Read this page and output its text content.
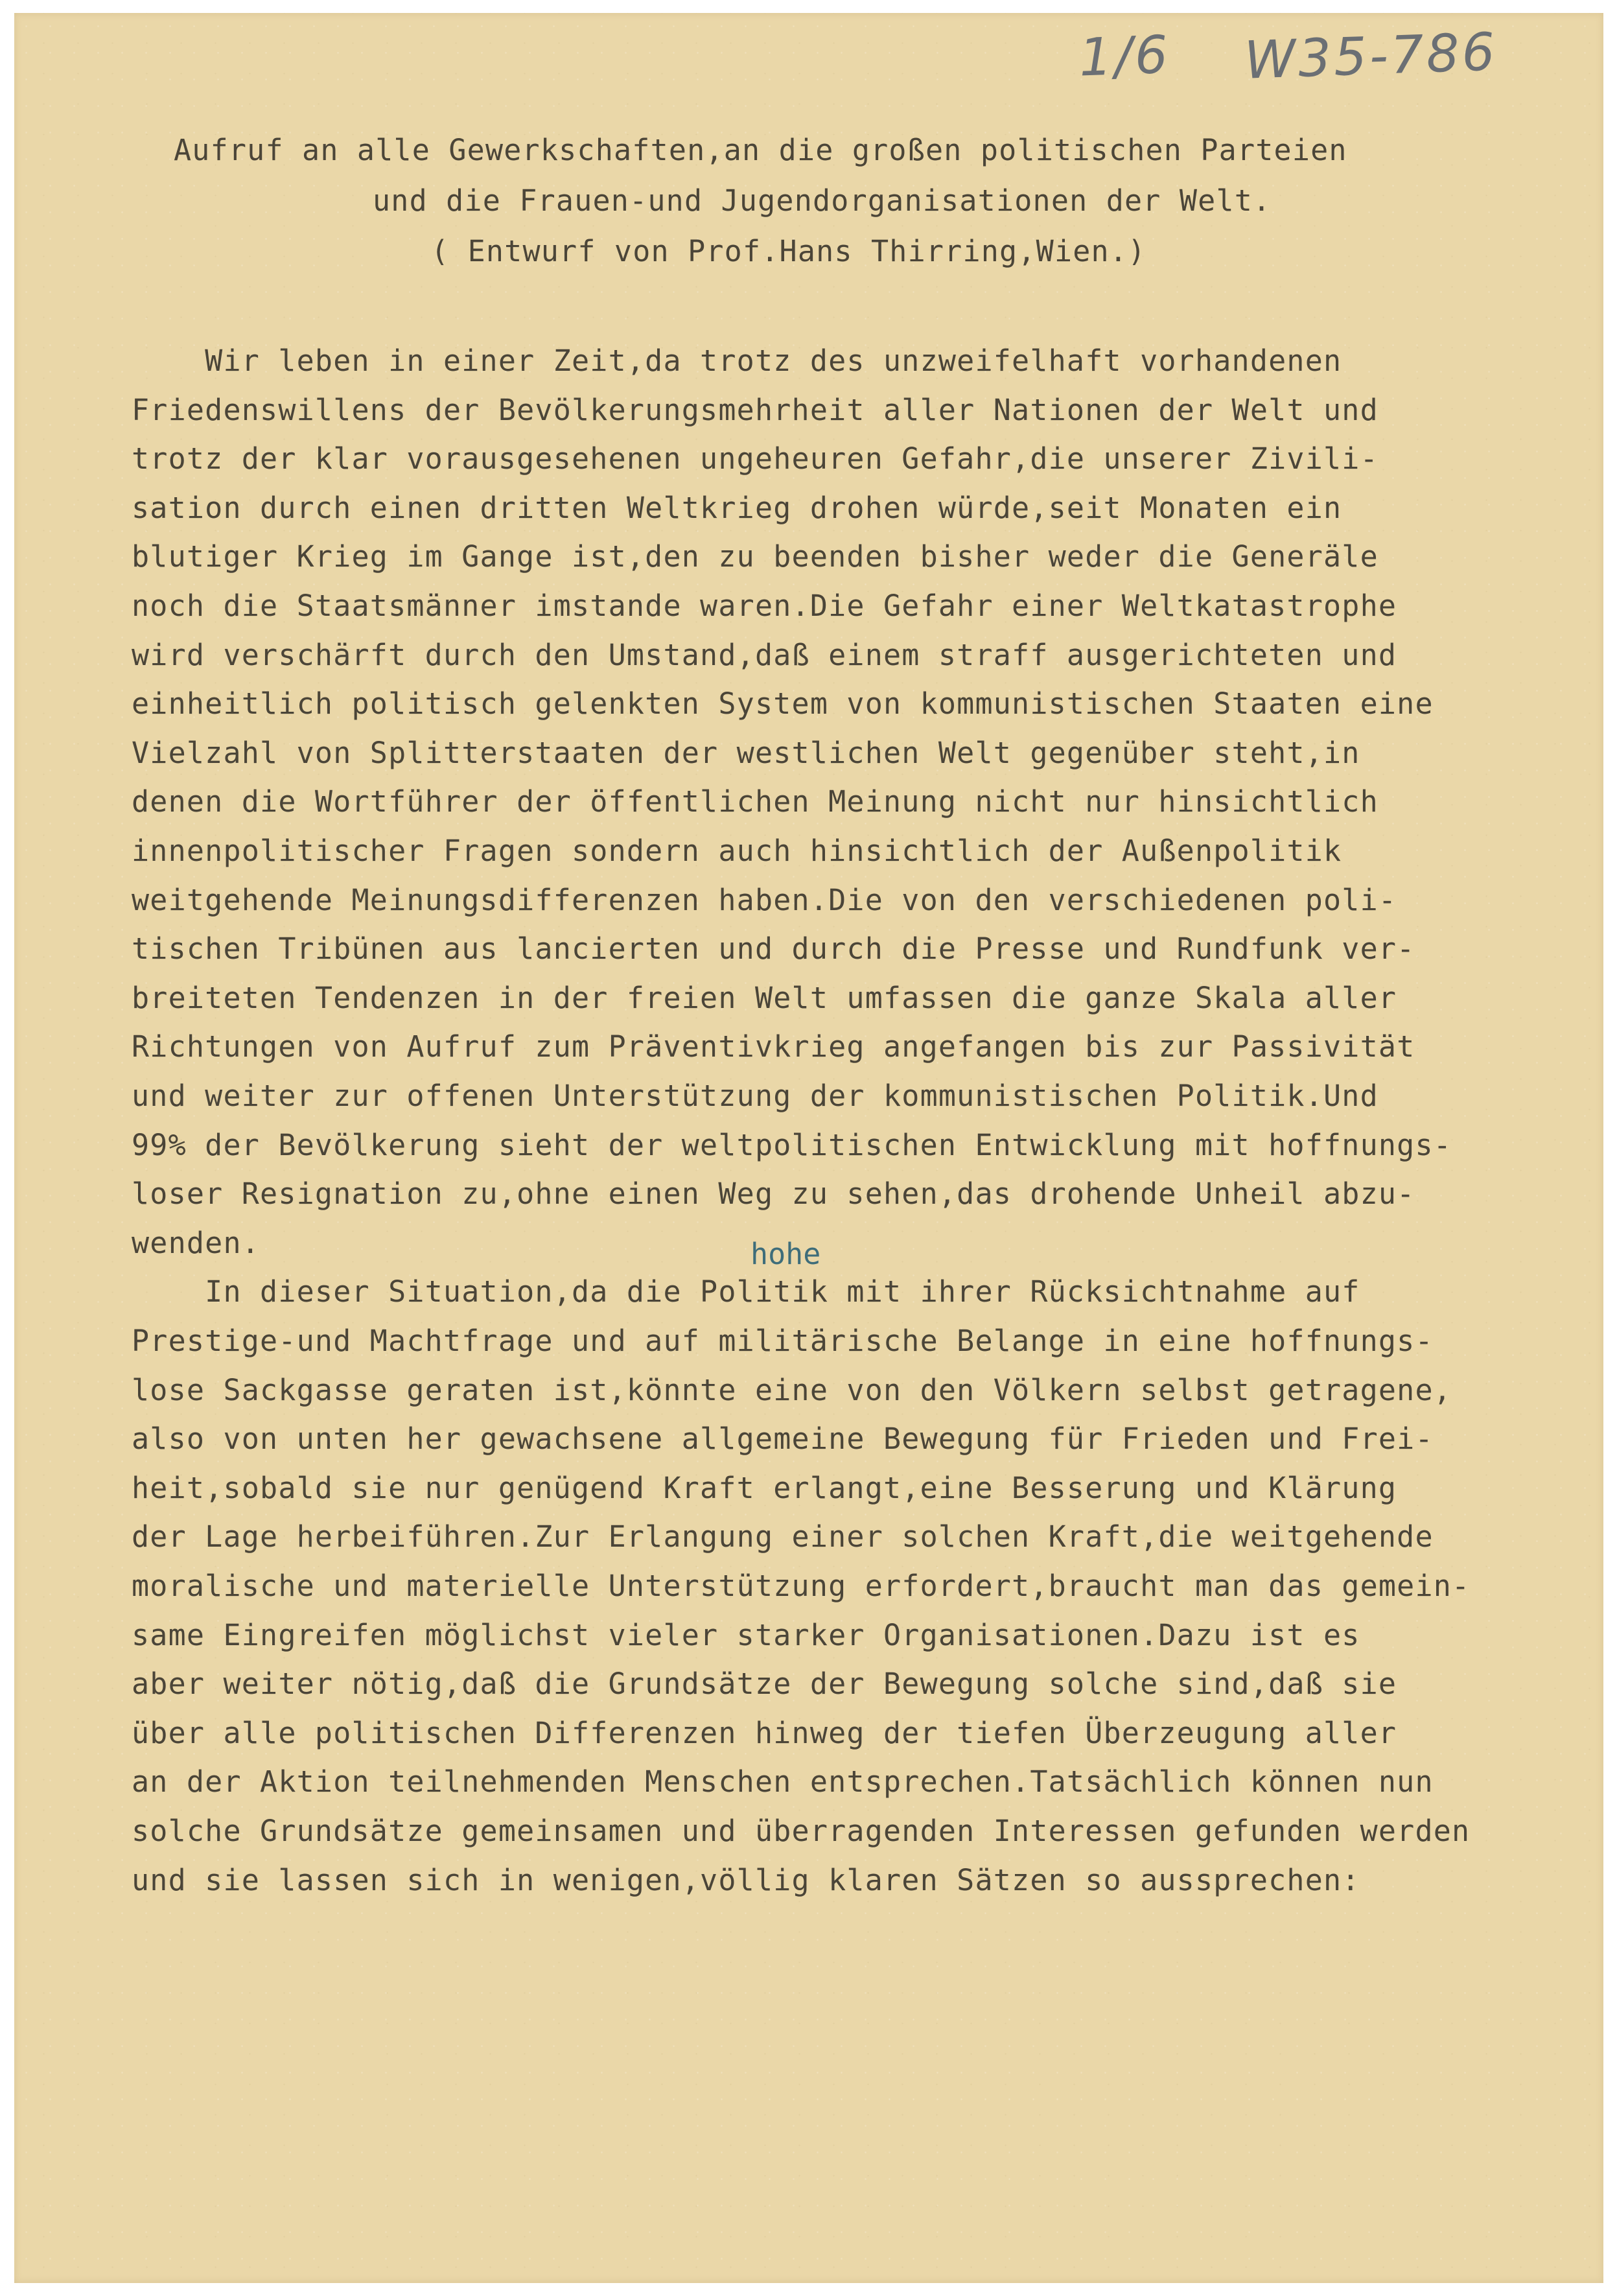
1/6 W35-786
Aufruf an alle Gewerkschaften,an die großen politischen Parteien
und die Frauen-und Jugendorganisationen der Welt.
( Entwurf von Prof.Hans Thirring,Wien.)
Wir leben in einer Zeit,da trotz des unzweifelhaft vorhandenen
Friedenswillens der Bevölkerungsmehrheit aller Nationen der Welt und
trotz der klar vorausgesehenen ungeheuren Gefahr,die unserer Zivili-
sation durch einen dritten Weltkrieg drohen würde,seit Monaten ein
blutiger Krieg im Gange ist,den zu beenden bisher weder die Generäle
noch die Staatsmänner imstande waren.Die Gefahr einer Weltkatastrophe
wird verschärft durch den Umstand,daß einem straff ausgerichteten und
einheitlich politisch gelenkten System von kommunistischen Staaten eine
Vielzahl von Splitterstaaten der westlichen Welt gegenüber steht,in
denen die Wortführer der öffentlichen Meinung nicht nur hinsichtlich
innenpolitischer Fragen sondern auch hinsichtlich der Außenpolitik
weitgehende Meinungsdifferenzen haben.Die von den verschiedenen poli-
tischen Tribünen aus lancierten und durch die Presse und Rundfunk ver-
breiteten Tendenzen in der freien Welt umfassen die ganze Skala aller
Richtungen von Aufruf zum Präventivkrieg angefangen bis zur Passivität
und weiter zur offenen Unterstützung der kommunistischen Politik.Und
99% der Bevölkerung sieht der weltpolitischen Entwicklung mit hoffnungs-
loser Resignation zu,ohne einen Weg zu sehen,das drohende Unheil abzu-
wenden.
In dieser Situation,da die Politik mit ihrer Rücksichtnahme auf
Prestige-und Machtfrage und auf militärische Belange in eine hoffnungs-
lose Sackgasse geraten ist,könnte eine von den Völkern selbst getragene,
also von unten her gewachsene allgemeine Bewegung für Frieden und Frei-
heit,sobald sie nur genügend Kraft erlangt,eine Besserung und Klärung
der Lage herbeiführen.Zur Erlangung einer solchen Kraft,die weitgehende
moralische und materielle Unterstützung erfordert,braucht man das gemein-
same Eingreifen möglichst vieler starker Organisationen.Dazu ist es
aber weiter nötig,daß die Grundsätze der Bewegung solche sind,daß sie
über alle politischen Differenzen hinweg der tiefen Überzeugung aller
an der Aktion teilnehmenden Menschen entsprechen.Tatsächlich können nun
solche Grundsätze gemeinsamen und überragenden Interessen gefunden werden
und sie lassen sich in wenigen,völlig klaren Sätzen so aussprechen:
hohe
